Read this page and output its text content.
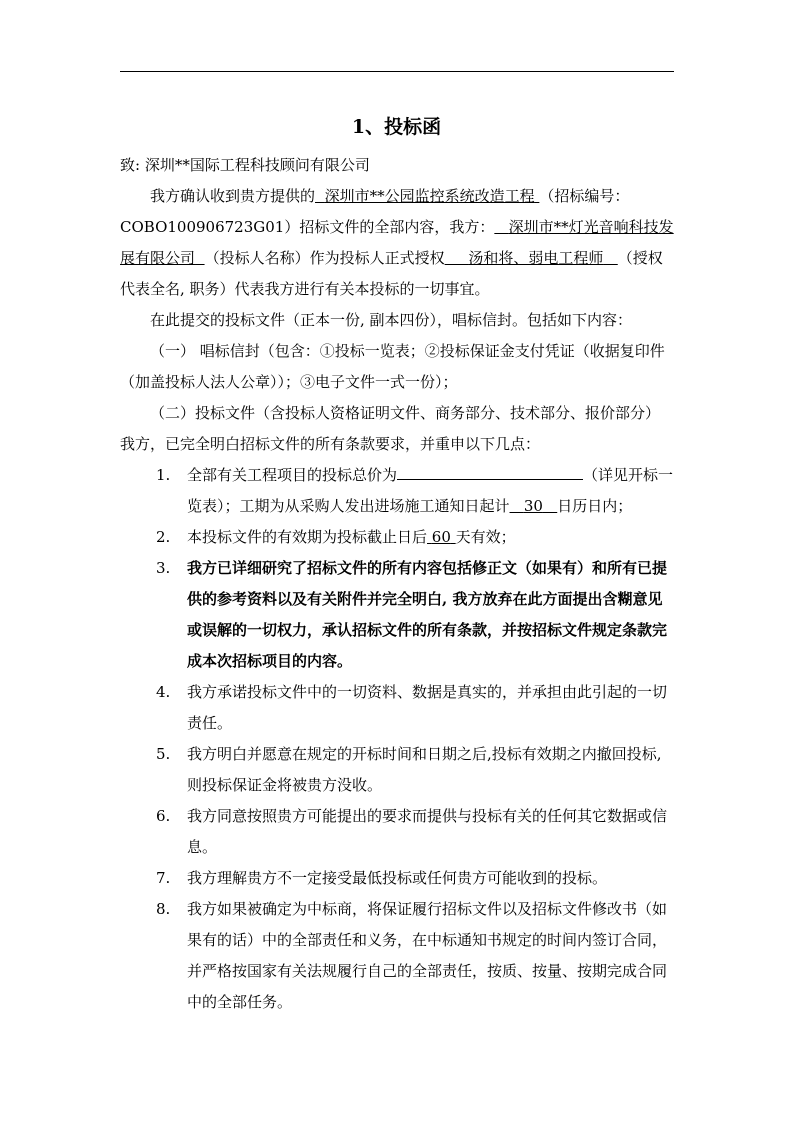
1、投标函

致: 深圳**国际工程科技顾问有限公司

我方确认收到贵方提供的 深圳市**公园监控系统改造工程 （招标编号：COBO100906723G01）招标文件的全部内容，我方： 深圳市**灯光音响科技发展有限公司 （投标人名称）作为投标人正式授权 汤和将、弱电工程师 （授权代表全名, 职务）代表我方进行有关本投标的一切事宜。

在此提交的投标文件（正本一份, 副本四份），唱标信封。包括如下内容：

（一） 唱标信封（包含：①投标一览表；②投标保证金支付凭证（收据复印件（加盖投标人法人公章））；③电子文件一式一份）；

（二）投标文件（含投标人资格证明文件、商务部分、技术部分、报价部分）

我方，已完全明白招标文件的所有条款要求，并重申以下几点：

1. 全部有关工程项目的投标总价为	（详见开标一览表）；工期为从采购人发出进场施工通知日起计 30 日历日内；
2. 本投标文件的有效期为投标截止日后 60 天有效；
3. 我方已详细研究了招标文件的所有内容包括修正文（如果有）和所有已提供的参考资料以及有关附件并完全明白, 我方放弃在此方面提出含糊意见或误解的一切权力，承认招标文件的所有条款，并按招标文件规定条款完成本次招标项目的内容。
4. 我方承诺投标文件中的一切资料、数据是真实的，并承担由此引起的一切责任。
5. 我方明白并愿意在规定的开标时间和日期之后,投标有效期之内撤回投标, 则投标保证金将被贵方没收。
6. 我方同意按照贵方可能提出的要求而提供与投标有关的任何其它数据或信息。
7. 我方理解贵方不一定接受最低投标或任何贵方可能收到的投标。
8. 我方如果被确定为中标商，将保证履行招标文件以及招标文件修改书（如果有的话）中的全部责任和义务，在中标通知书规定的时间内签订合同，并严格按国家有关法规履行自己的全部责任，按质、按量、按期完成合同中的全部任务。
